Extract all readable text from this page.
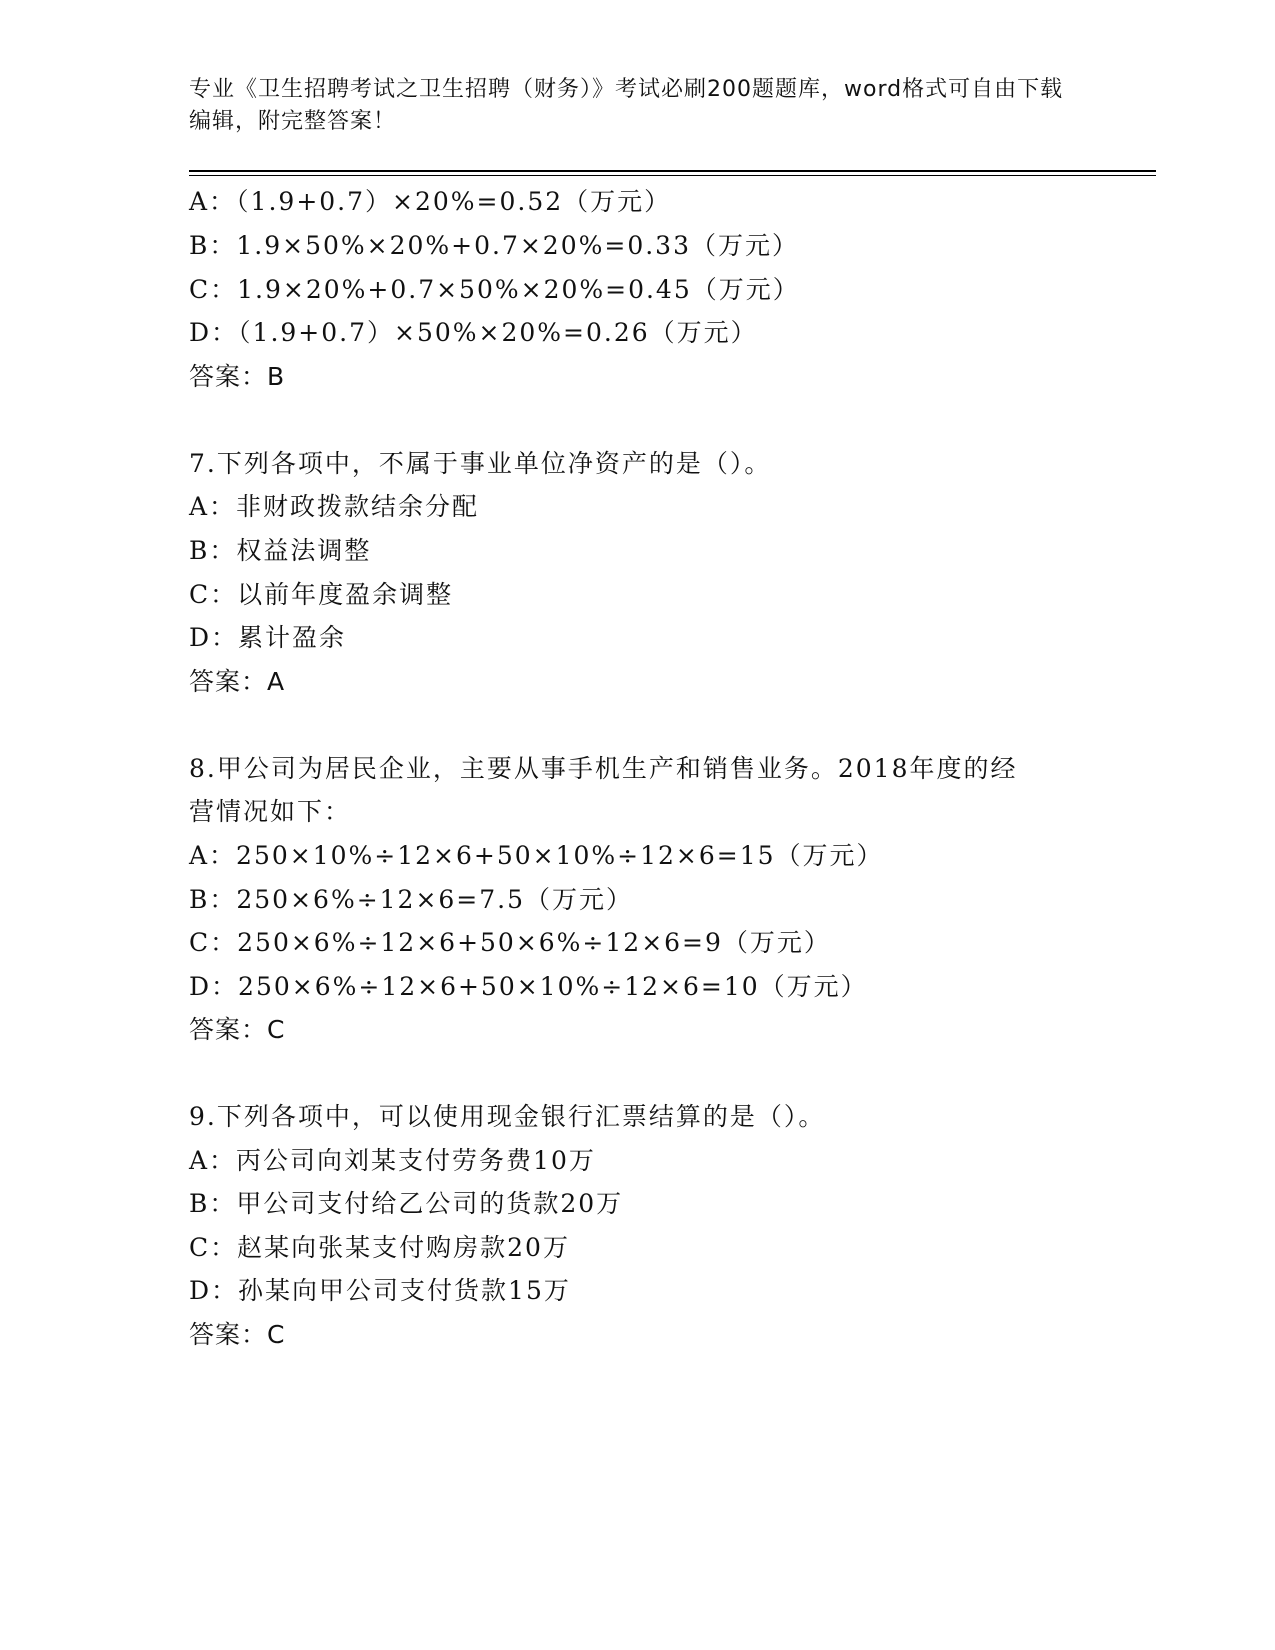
专业《卫生招聘考试之卫生招聘（财务）》考试必刷200题题库，word格式可自由下载编辑，附完整答案！
A：（1.9+0.7）×20%=0.52（万元）
B：1.9×50%×20%+0.7×20%=0.33（万元）
C：1.9×20%+0.7×50%×20%=0.45（万元）
D：（1.9+0.7）×50%×20%=0.26（万元）
答案：B
7.下列各项中，不属于事业单位净资产的是（）。
A：非财政拨款结余分配
B：权益法调整
C：以前年度盈余调整
D：累计盈余
答案：A
8.甲公司为居民企业，主要从事手机生产和销售业务。2018年度的经
营情况如下：
A：250×10%÷12×6+50×10%÷12×6=15（万元）
B：250×6%÷12×6=7.5（万元）
C：250×6%÷12×6+50×6%÷12×6=9（万元）
D：250×6%÷12×6+50×10%÷12×6=10（万元）
答案：C
9.下列各项中，可以使用现金银行汇票结算的是（）。
A：丙公司向刘某支付劳务费10万
B：甲公司支付给乙公司的货款20万
C：赵某向张某支付购房款20万
D：孙某向甲公司支付货款15万
答案：C
